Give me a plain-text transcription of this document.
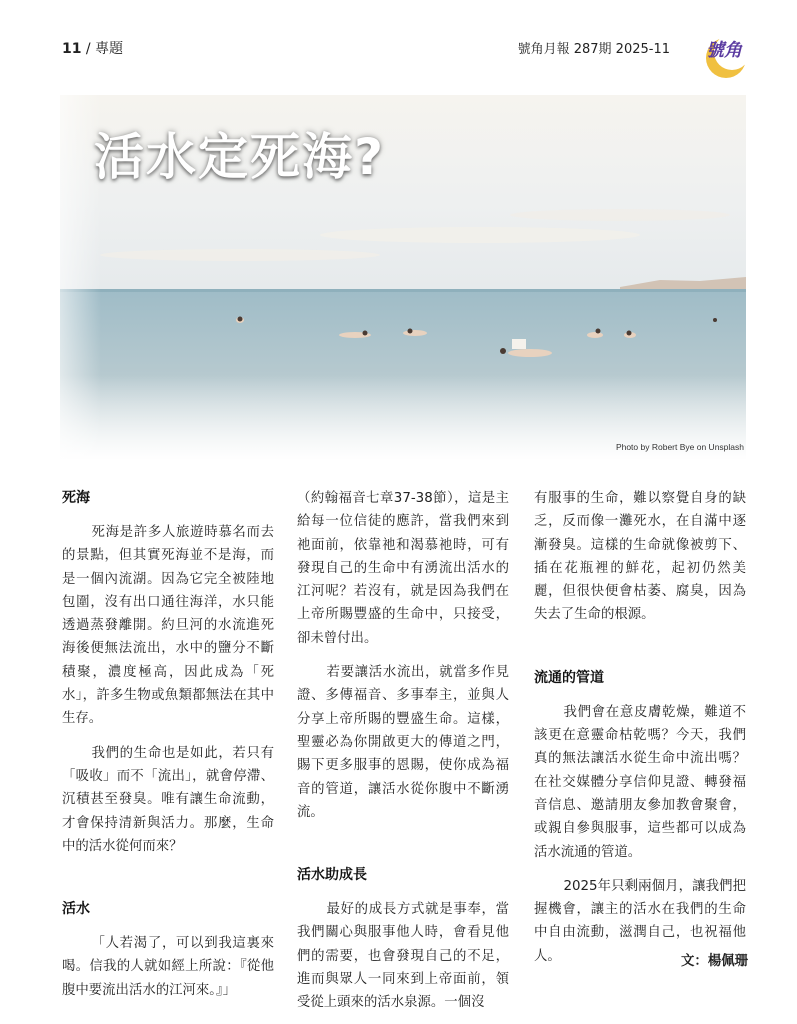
11 / 專題	號角月報 287期 2025-11 號角
活水定死海?
Photo by Robert Bye on Unsplash
死海

死海是許多人旅遊時慕名而去的景點，但其實死海並不是海，而是一個內流湖。因為它完全被陸地包圍，沒有出口通往海洋，水只能透過蒸發離開。約旦河的水流進死海後便無法流出，水中的鹽分不斷積聚，濃度極高，因此成為「死水」，許多生物或魚類都無法在其中生存。

我們的生命也是如此，若只有「吸收」而不「流出」，就會停滯、沉積甚至發臭。唯有讓生命流動，才會保持清新與活力。那麼，生命中的活水從何而來？

活水

「人若渴了，可以到我這裏來喝。信我的人就如經上所說：『從他腹中要流出活水的江河來。』」

（約翰福音七章37-38節），這是主給每一位信徒的應許，當我們來到祂面前，依靠祂和渴慕祂時，可有發現自己的生命中有湧流出活水的江河呢？若沒有，就是因為我們在上帝所賜豐盛的生命中，只接受，卻未曾付出。

若要讓活水流出，就當多作見證、多傳福音、多事奉主，並與人分享上帝所賜的豐盛生命。這樣，聖靈必為你開啟更大的傳道之門，賜下更多服事的恩賜，使你成為福音的管道，讓活水從你腹中不斷湧流。

活水助成長

最好的成長方式就是事奉，當我們關心與服事他人時，會看見他們的需要，也會發現自己的不足，進而與眾人一同來到上帝面前，領受從上頭來的活水泉源。一個沒

有服事的生命，難以察覺自身的缺乏，反而像一灘死水，在自滿中逐漸發臭。這樣的生命就像被剪下、插在花瓶裡的鮮花，起初仍然美麗，但很快便會枯萎、腐臭，因為失去了生命的根源。

流通的管道

我們會在意皮膚乾燥，難道不該更在意靈命枯乾嗎？今天，我們真的無法讓活水從生命中流出嗎？在社交媒體分享信仰見證、轉發福音信息、邀請朋友參加教會聚會，或親自參與服事，這些都可以成為活水流通的管道。

2025年只剩兩個月，讓我們把握機會，讓主的活水在我們的生命中自由流動，滋潤自己，也祝福他人。	文：楊佩珊
